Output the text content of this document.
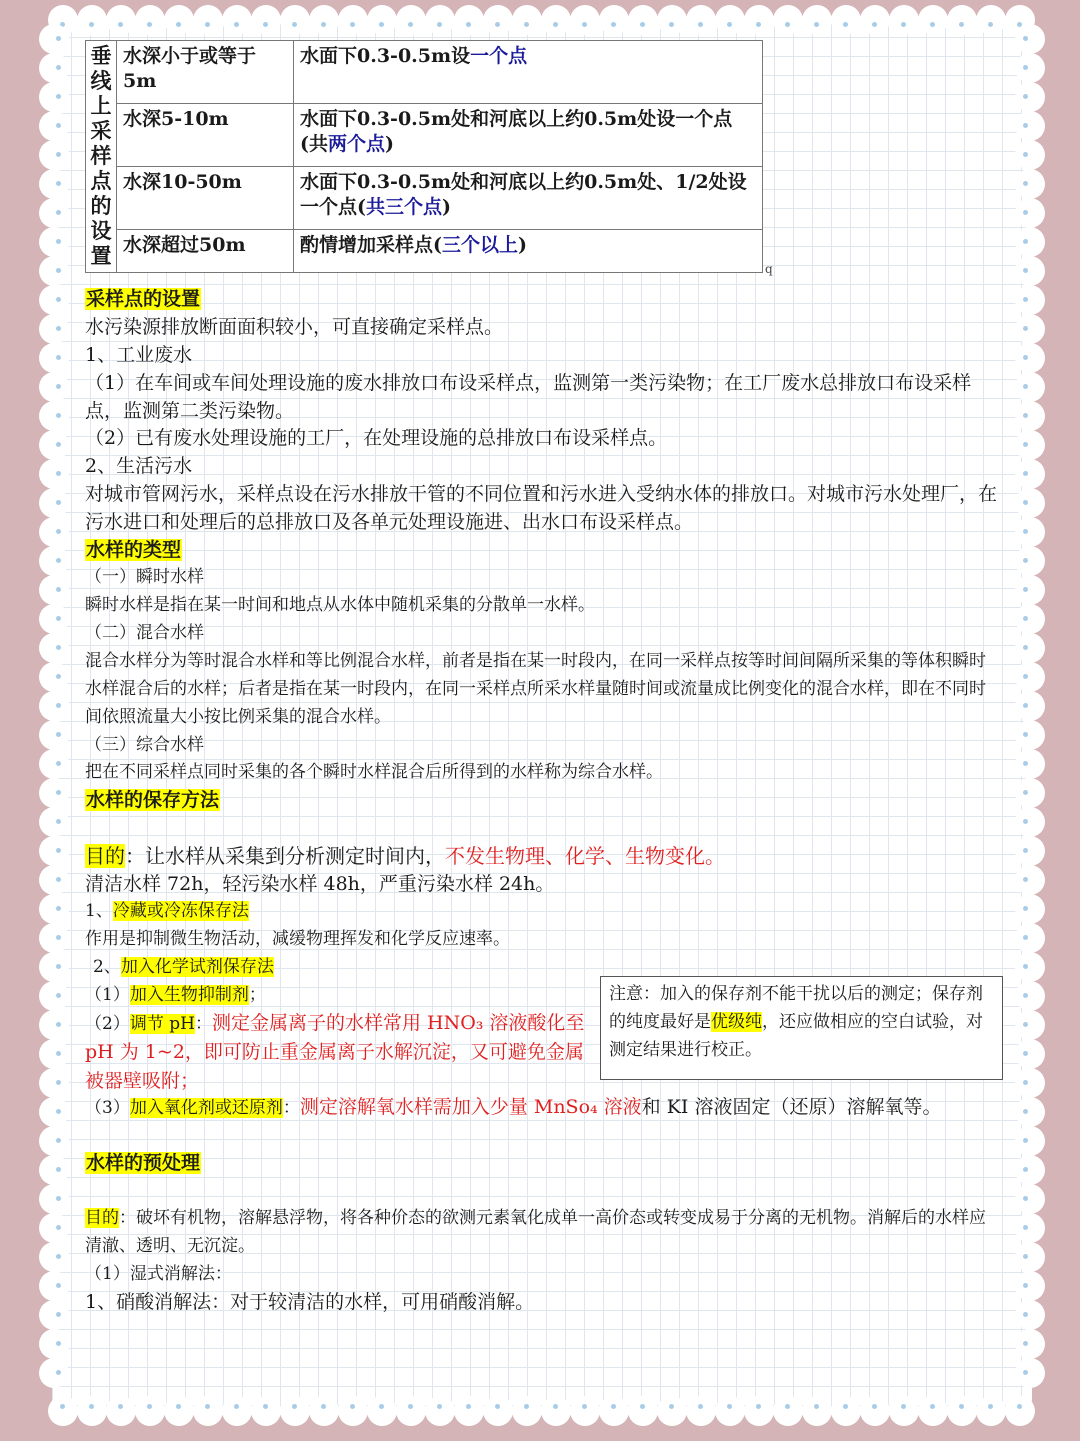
垂线上采样点的设置	水深小于或等于5m	水面下0.3-0.5m设一个点
	水深5-10m	水面下0.3-0.5m处和河底以上约0.5m处设一个点(共两个点)
	水深10-50m	水面下0.3-0.5m处和河底以上约0.5m处、1/2处设一个点(共三个点)
	水深超过50m	酌情增加采样点(三个以上)
q
采样点的设置
水污染源排放断面面积较小，可直接确定采样点。
1、工业废水
（1）在车间或车间处理设施的废水排放口布设采样点，监测第一类污染物；在工厂废水总排放口布设采样点，监测第二类污染物。
（2）已有废水处理设施的工厂，在处理设施的总排放口布设采样点。
2、生活污水
对城市管网污水，采样点设在污水排放干管的不同位置和污水进入受纳水体的排放口。对城市污水处理厂，在污水进口和处理后的总排放口及各单元处理设施进、出水口布设采样点。
水样的类型
（一）瞬时水样
瞬时水样是指在某一时间和地点从水体中随机采集的分散单一水样。
（二）混合水样
混合水样分为等时混合水样和等比例混合水样，前者是指在某一时段内，在同一采样点按等时间间隔所采集的等体积瞬时水样混合后的水样；后者是指在某一时段内，在同一采样点所采水样量随时间或流量成比例变化的混合水样，即在不同时间依照流量大小按比例采集的混合水样。
（三）综合水样
把在不同采样点同时采集的各个瞬时水样混合后所得到的水样称为综合水样。
水样的保存方法
目的：让水样从采集到分析测定时间内，不发生物理、化学、生物变化。
清洁水样 72h，轻污染水样 48h，严重污染水样 24h。
1、冷藏或冷冻保存法
作用是抑制微生物活动，减缓物理挥发和化学反应速率。
2、加入化学试剂保存法
（1）加入生物抑制剂；
（2）调节 pH：测定金属离子的水样常用 HNO₃ 溶液酸化至 pH 为 1~2，即可防止重金属离子水解沉淀，又可避免金属被器壁吸附；
（3）加入氧化剂或还原剂：测定溶解氧水样需加入少量 MnSo₄ 溶液和 KI 溶液固定（还原）溶解氧等。
注意：加入的保存剂不能干扰以后的测定；保存剂的纯度最好是优级纯，还应做相应的空白试验，对测定结果进行校正。
水样的预处理
目的：破坏有机物，溶解悬浮物，将各种价态的欲测元素氧化成单一高价态或转变成易于分离的无机物。消解后的水样应清澈、透明、无沉淀。
（1）湿式消解法：
1、硝酸消解法：对于较清洁的水样，可用硝酸消解。
